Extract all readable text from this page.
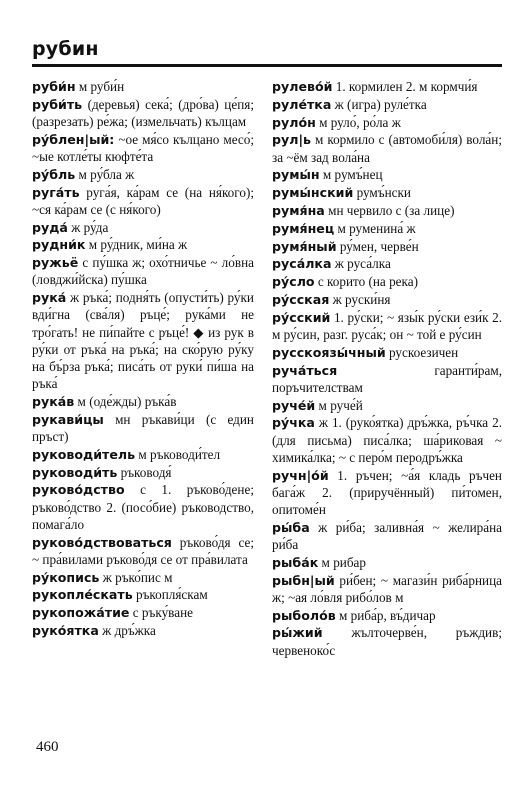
рубин
руби́н м руби́н
руби́ть (деревья) сека́; (дро́ва) це́пя; (разрезать) ре́жа; (измельчать) кълцам
ру́блен|ый: ~ое мя́со кълцано месо́; ~ые котле́ты кюфте́та
ру́бль м ру́бла ж
руга́ть руга́я, ка́рам се (на ня́кого); ~ся ка́рам се (с ня́кого)
руда́ ж ру́да
рудни́к м ру́дник, ми́на ж
ружьё с пу́шка ж; охо́тничье ~ ло́вна (ловджи́йска) пу́шка
рука́ ж ръка́; подня́ть (опусти́ть) ру́ки вди́гна (сва́ля) ръце́; рука́ми не тро́гать! не пи́пайте с ръце́! ◆ из рук в ру́ки от ръка́ на ръка́; на ско́рую ру́ку на бъ́рза ръка́; писа́ть от руки́ пи́ша на ръка́
рука́в м (оде́жды) ръка́в
рукави́цы мн ръкави́ци (с един пръст)
руководи́тель м ръководи́тел
руководи́ть ръководя́
руково́дство с 1. ръково́дене; ръково́дство 2. (посо́бие) ръководство, помага́ло
руково́дствоваться ръково́дя се; ~ пра́вилами ръково́дя се от пра́вилата
ру́копись ж ръко́пис м
рукопле́скать ръкопля́скам
рукопожа́тие с ръку́ване
руко́ятка ж дръ́жка
рулево́й 1. кормилен 2. м кормчи́я
руле́тка ж (игра) руле́тка
руло́н м руло́, ро́ла ж
рул|ь м кормило с (автомоби́ля) вола́н; за ~ём зад вола́на
румы́н м румъ́нец
румы́нский румъ́нски
румя́на мн червило с (за лице)
румя́нец м руменина́ ж
румя́ный ру́мен, черве́н
руса́лка ж руса́лка
ру́сло с корито (на река)
ру́сская ж руски́ня
ру́сский 1. ру́ски; ~ язы́к ру́ски ези́к 2. м ру́син, разг. руса́к; он ~ той е ру́син
русскоязы́чный рускоезичен
руча́ться гаранти́рам, поръчителствам
руче́й м руче́й
ру́чка ж 1. (руко́ятка) дръ́жка, ръ́чка 2. (для письма) писа́лка; ша́риковая ~ химика́лка; ~ с перо́м перодръ́жка
ручн|о́й 1. ръчен; ~а́я кладь ръчен бага́ж 2. (приручённый) пи́томен, опитоме́н
ры́ба ж ри́ба; заливна́я ~ желира́на ри́ба
рыба́к м рибар
рыбн|ый ри́бен; ~ магази́н риба́рница ж; ~ая ло́вля рибо́лов м
рыболо́в м риба́р, въ́дичар
ры́жий жълточерве́н, ръждив; червеноко́с
460
